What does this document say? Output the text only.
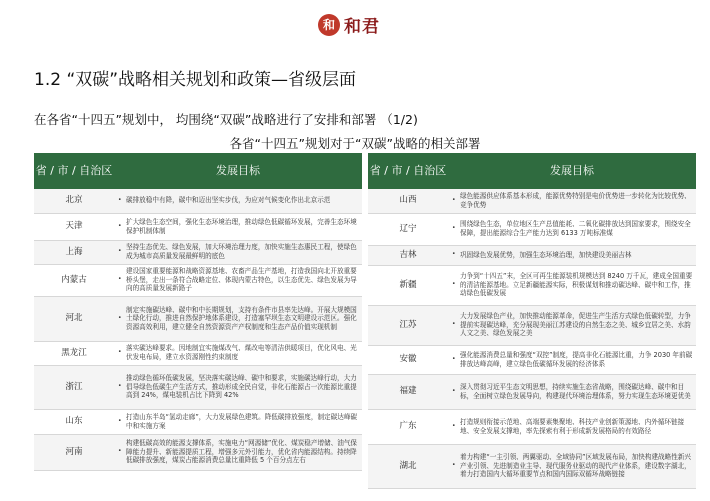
和 和君
1.2 “双碳”战略相关规划和政策—省级层面
在各省“十四五”规划中， 均围绕“双碳”战略进行了安排和部署 （1/2)
各省“十四五”规划对于“双碳”战略的相关部署
省 / 市 / 自治区	发展目标
北京	• 碳排放稳中有降，碳中和迈出坚实步伐，为应对气候变化作出北京示范
天津	• 扩大绿色生态空间，强化生态环境治理，推动绿色低碳循环发展，完善生态环境保护机制体制
上海	• 坚持生态优先、绿色发展，加大环境治理力度，加快实施生态惠民工程，使绿色成为城市高质量发展最鲜明的底色
内蒙古	• 建设国家重要能源和战略资源基地、农畜产品生产基地，打造我国向北开放重要桥头堡，走出一条符合战略定位、体现内蒙古特色，以生态优先、绿色发展为导向的高质量发展新路子
河北	• 制定实施碳达峰、碳中和中长期规划，支持有条件市县率先达峰。开展大规模国土绿化行动，推进自然保护地体系建设，打造塞罕坝生态文明建设示范区。强化资源高效利用，建立健全自然资源资产产权制度和生态产品价值实现机制
黑龙江	• 落实碳达峰要求。因地制宜实施煤改气、煤改电等清洁供暖项目，优化风电、光伏发电布局，建立水资源刚性约束制度
浙江	• 推动绿色循环低碳发展，坚决落实碳达峰、碳中和要求，实施碳达峰行动，大力倡导绿色低碳生产生活方式，推动形成全民自觉，非化石能源占一次能源比重提高到 24%，煤电装机占比下降到 42%
山东	• 打造山东半岛“氢动走廊”，大力发展绿色建筑。降低碳排放强度，制定碳达峰碳中和实施方案
河南	• 构建低碳高效的能源支撑体系，实施电力“网源储”优化、煤炭稳产增储、油气保障能力提升、新能源提质工程，增强多元外引能力，优化省内能源结构。持续降低碳排放强度，煤炭占能源消费总量比重降低 5 个百分点左右
省 / 市 / 自治区	发展目标
山西	• 绿色能源供应体系基本形成，能源优势特别是电价优势进一步转化为比较优势、竞争优势
辽宁	• 围绕绿色生态，单位地区生产总值能耗、二氧化碳排放达到国家要求，围绕安全保障，提出能源综合生产能力达到 6133 万吨标准煤
吉林	• 巩固绿色发展优势，加强生态环境治理，加快建设美丽吉林
新疆	• 力争到“十四五”末，全区可再生能源装机规模达到 8240 万千瓦，建成全国重要的清洁能源基地。立足新疆能源实际，积极谋划和推动碳达峰、碳中和工作，推动绿色低碳发展
江苏	• 大力发展绿色产业，加快推动能源革命，促进生产生活方式绿色低碳转型，力争提前实现碳达峰，充分展现美丽江苏建设的自然生态之美、城乡宜居之美、水韵人文之美、绿色发展之美
安徽	• 强化能源消费总量和强度“双控”制度，提高非化石能源比重，力争 2030 年前碳排放达峰高峰，建立绿色低碳循环发展的经济体系
福建	• 深入贯彻习近平生态文明思想，持续实施生态省战略，围绕碳达峰、碳中和目标，全面树立绿色发展导向，构建现代环境治理体系，努力实现生态环境更优美
广东	• 打造规则衔接示范地、高端要素集聚地、科技产业创新策源地、内外循环链接地、安全发展支撑地，率先探索有利于形成新发展格局的有效路径
湖北	• 着力构建“一主引领、两翼驱动、全域协同”区域发展布局，加快构建战略性新兴产业引领、先进制造业主导、现代服务业驱动的现代产业体系，建设数字湖北，着力打造国内大循环重要节点和国内国际双循环战略链接
